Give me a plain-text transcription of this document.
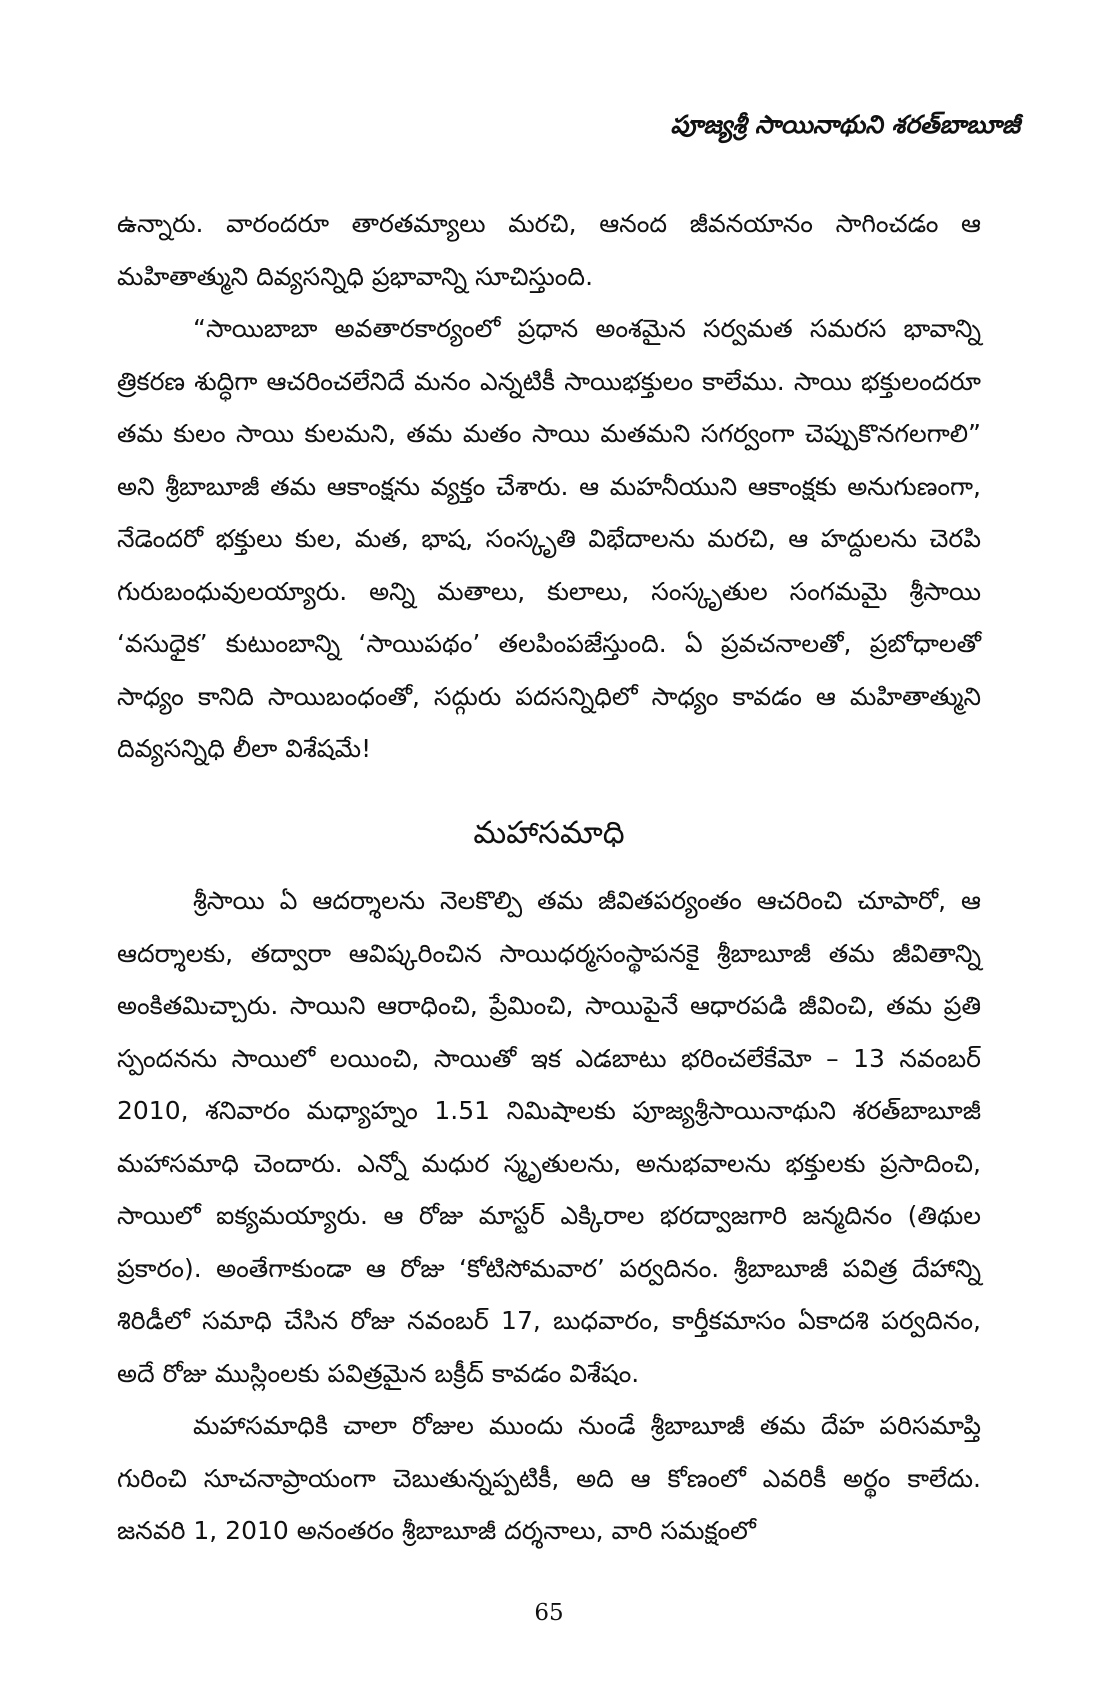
పూజ్యశ్రీ సాయినాథుని శరత్‌బాబూజీ

ఉన్నారు. వారందరూ తారతమ్యాలు మరచి, ఆనంద జీవనయానం సాగించడం ఆ మహితాత్ముని దివ్యసన్నిధి ప్రభావాన్ని సూచిస్తుంది.

“సాయిబాబా అవతారకార్యంలో ప్రధాన అంశమైన సర్వమత సమరస భావాన్ని త్రికరణ శుద్ధిగా ఆచరించలేనిదే మనం ఎన్నటికీ సాయిభక్తులం కాలేము. సాయి భక్తులందరూ తమ కులం సాయి కులమని, తమ మతం సాయి మతమని సగర్వంగా చెప్పుకొనగలగాలి” అని శ్రీబాబూజీ తమ ఆకాంక్షను వ్యక్తం చేశారు. ఆ మహనీయుని ఆకాంక్షకు అనుగుణంగా, నేడెందరో భక్తులు కుల, మత, భాష, సంస్కృతి విభేదాలను మరచి, ఆ హద్దులను చెరపి గురుబంధువులయ్యారు. అన్ని మతాలు, కులాలు, సంస్కృతుల సంగమమై శ్రీసాయి ‘వసుధైక’ కుటుంబాన్ని ‘సాయిపథం’ తలపింపజేస్తుంది. ఏ ప్రవచనాలతో, ప్రబోధాలతో సాధ్యం కానిది సాయిబంధంతో, సద్గురు పదసన్నిధిలో సాధ్యం కావడం ఆ మహితాత్ముని దివ్యసన్నిధి లీలా విశేషమే!

మహాసమాధి

శ్రీసాయి ఏ ఆదర్శాలను నెలకొల్పి తమ జీవితపర్యంతం ఆచరించి చూపారో, ఆ ఆదర్శాలకు, తద్వారా ఆవిష్కరించిన సాయిధర్మసంస్థాపనకై శ్రీబాబూజీ తమ జీవితాన్ని అంకితమిచ్చారు. సాయిని ఆరాధించి, ప్రేమించి, సాయిపైనే ఆధారపడి జీవించి, తమ ప్రతి స్పందనను సాయిలో లయించి, సాయితో ఇక ఎడబాటు భరించలేకేమో – 13 నవంబర్ 2010, శనివారం మధ్యాహ్నం 1.51 నిమిషాలకు పూజ్యశ్రీసాయినాథుని శరత్‌బాబూజీ మహాసమాధి చెందారు. ఎన్నో మధుర స్మృతులను, అనుభవాలను భక్తులకు ప్రసాదించి, సాయిలో ఐక్యమయ్యారు. ఆ రోజు మాస్టర్ ఎక్కిరాల భరద్వాజగారి జన్మదినం (తిథుల ప్రకారం). అంతేగాకుండా ఆ రోజు ‘కోటిసోమవార’ పర్వదినం. శ్రీబాబూజీ పవిత్ర దేహాన్ని శిరిడీలో సమాధి చేసిన రోజు నవంబర్ 17, బుధవారం, కార్తీకమాసం ఏకాదశి పర్వదినం, అదే రోజు ముస్లింలకు పవిత్రమైన బక్రీద్ కావడం విశేషం.

మహాసమాధికి చాలా రోజుల ముందు నుండే శ్రీబాబూజీ తమ దేహ పరిసమాప్తి గురించి సూచనాప్రాయంగా చెబుతున్నప్పటికీ, అది ఆ కోణంలో ఎవరికీ అర్థం కాలేదు. జనవరి 1, 2010 అనంతరం శ్రీబాబూజీ దర్శనాలు, వారి సమక్షంలో

65
